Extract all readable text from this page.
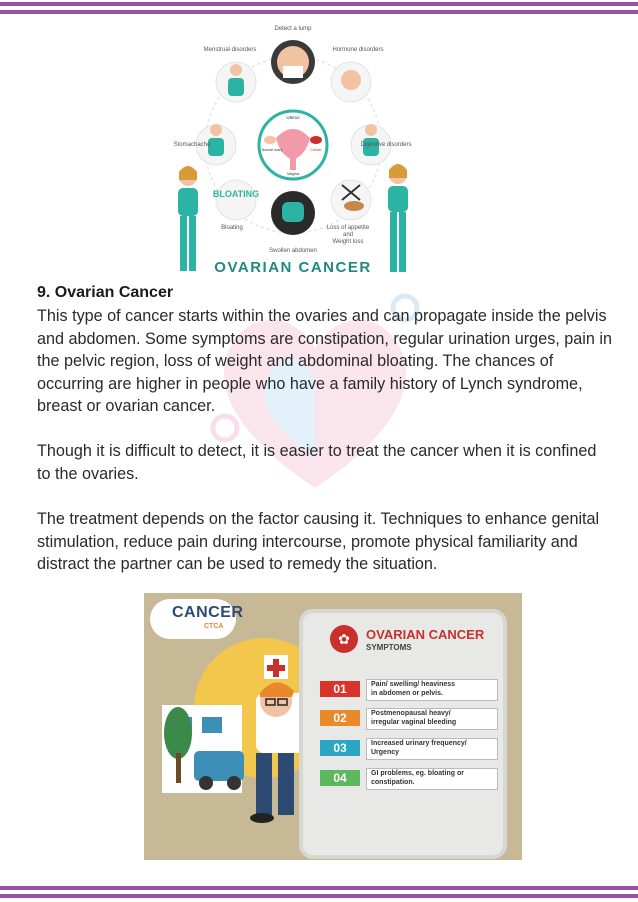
Uterus
Normal ovary	Cancer
Vagina
Detect a lump
Menstrual disorders	Hormone disorders
Stomachache	Digestive disorders
BLOATING
Bloating
Swollen abdomen
Loss of appetite
and
Weight loss
OVARIAN CANCER
9. Ovarian Cancer

This type of cancer starts within the ovaries and can propagate inside the pelvis and abdomen. Some symptoms are constipation, regular urination urges, pain in the pelvic region, loss of weight and abdominal bloating. The chances of occurring are higher in people who have a family history of Lynch syndrome, breast or ovarian cancer.

Though it is difficult to detect, it is easier to treat the cancer when it is confined to the ovaries.

The treatment depends on the factor causing it. Techniques to enhance genital stimulation, reduce pain during intercourse, promote physical familiarity and distract the partner can be used to remedy the situation.

CANCER
CTCA
✿	OVARIAN CANCER
SYMPTOMS
01	Pain/ swelling/ heaviness
in abdomen or pelvis.
02	Postmenopausal heavy/
irregular vaginal bleeding
03	Increased urinary frequency/
Urgency
04	GI problems, eg. bloating or
constipation.
